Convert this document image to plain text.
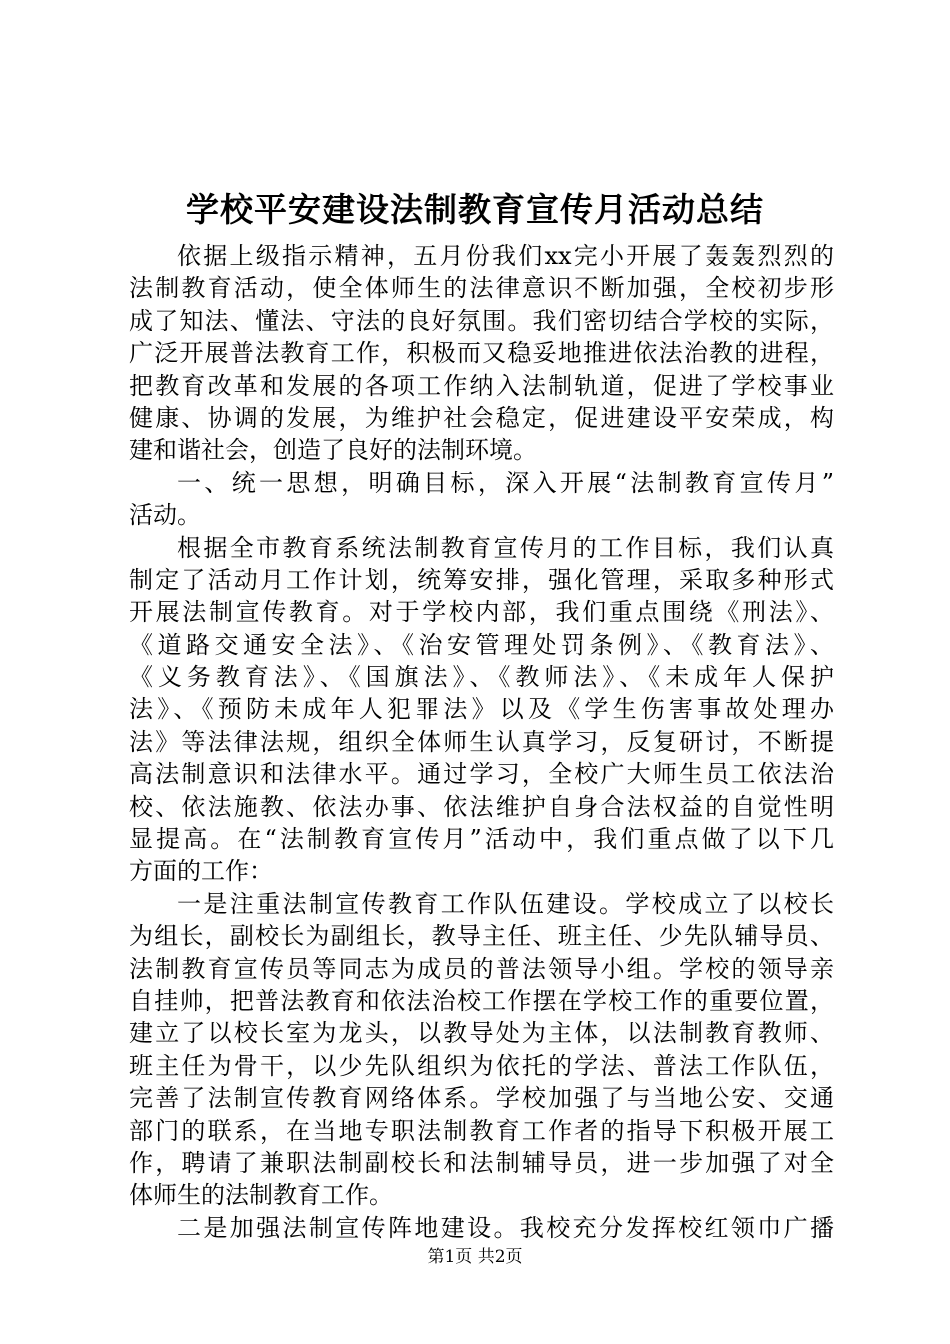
学校平安建设法制教育宣传月活动总结
依据上级指示精神，五月份我们xx完小开展了轰轰烈烈的
法制教育活动，使全体师生的法律意识不断加强，全校初步形
成了知法、懂法、守法的良好氛围。我们密切结合学校的实际，
广泛开展普法教育工作，积极而又稳妥地推进依法治教的进程，
把教育改革和发展的各项工作纳入法制轨道，促进了学校事业
健康、协调的发展，为维护社会稳定，促进建设平安荣成，构
建和谐社会，创造了良好的法制环境。
一、统一思想，明确目标，深入开展“法制教育宣传月”
活动。
根据全市教育系统法制教育宣传月的工作目标，我们认真
制定了活动月工作计划，统筹安排，强化管理，采取多种形式
开展法制宣传教育。对于学校内部，我们重点围绕《刑法》、
《道路交通安全法》、《治安管理处罚条例》、《教育法》、
《义务教育法》、《国旗法》、《教师法》、《未成年人保护
法》、《预防未成年人犯罪法》以及《学生伤害事故处理办
法》等法律法规，组织全体师生认真学习，反复研讨，不断提
高法制意识和法律水平。通过学习，全校广大师生员工依法治
校、依法施教、依法办事、依法维护自身合法权益的自觉性明
显提高。在“法制教育宣传月”活动中，我们重点做了以下几
方面的工作：
一是注重法制宣传教育工作队伍建设。学校成立了以校长
为组长，副校长为副组长，教导主任、班主任、少先队辅导员、
法制教育宣传员等同志为成员的普法领导小组。学校的领导亲
自挂帅，把普法教育和依法治校工作摆在学校工作的重要位置，
建立了以校长室为龙头，以教导处为主体，以法制教育教师、
班主任为骨干，以少先队组织为依托的学法、普法工作队伍，
完善了法制宣传教育网络体系。学校加强了与当地公安、交通
部门的联系，在当地专职法制教育工作者的指导下积极开展工
作，聘请了兼职法制副校长和法制辅导员，进一步加强了对全
体师生的法制教育工作。
二是加强法制宣传阵地建设。我校充分发挥校红领巾广播
第1页 共2页
